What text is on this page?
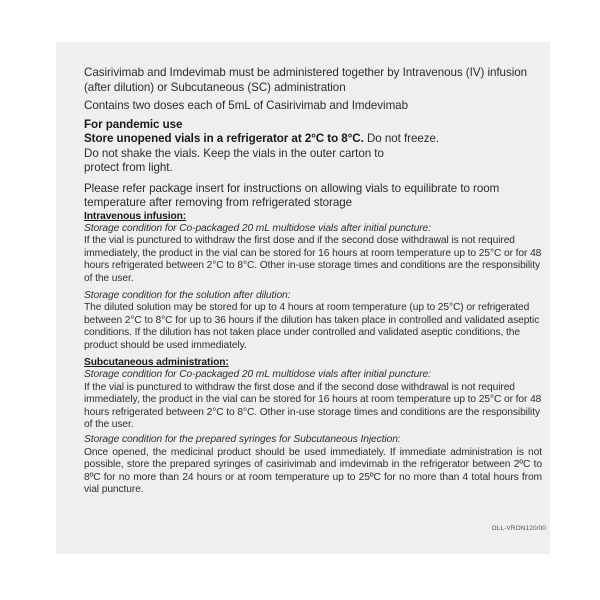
Casirivimab and Imdevimab must be administered together by Intravenous (IV) infusion (after dilution) or Subcutaneous (SC) administration

Contains two doses each of 5mL of Casirivimab and Imdevimab

For pandemic use

Store unopened vials in a refrigerator at 2°C to 8°C. Do not freeze.

Do not shake the vials. Keep the vials in the outer carton to protect from light.

Please refer package insert for instructions on allowing vials to equilibrate to room temperature after removing from refrigerated storage

Intravenous infusion:

Storage condition for Co-packaged 20 mL multidose vials after initial puncture:

If the vial is punctured to withdraw the first dose and if the second dose withdrawal is not required immediately, the product in the vial can be stored for 16 hours at room temperature up to 25°C or for 48 hours refrigerated between 2°C to 8°C. Other in-use storage times and conditions are the responsibility of the user.

Storage condition for the solution after dilution:

The diluted solution may be stored for up to 4 hours at room temperature (up to 25°C) or refrigerated between 2°C to 8°C for up to 36 hours if the dilution has taken place in controlled and validated aseptic conditions. If the dilution has not taken place under controlled and validated aseptic conditions, the product should be used immediately.

Subcutaneous administration:

Storage condition for Co-packaged 20 mL multidose vials after initial puncture:

If the vial is punctured to withdraw the first dose and if the second dose withdrawal is not required immediately, the product in the vial can be stored for 16 hours at room temperature up to 25°C or for 48 hours refrigerated between 2°C to 8°C. Other in-use storage times and conditions are the responsibility of the user.

Storage condition for the prepared syringes for Subcutaneous Injection:

Once opened, the medicinal product should be used immediately. If immediate administration is not possible, store the prepared syringes of casirivimab and imdevimab in the refrigerator between 2ºC to 8ºC for no more than 24 hours or at room temperature up to 25ºC for no more than 4 total hours from vial puncture.

OLL-VRON120/00
